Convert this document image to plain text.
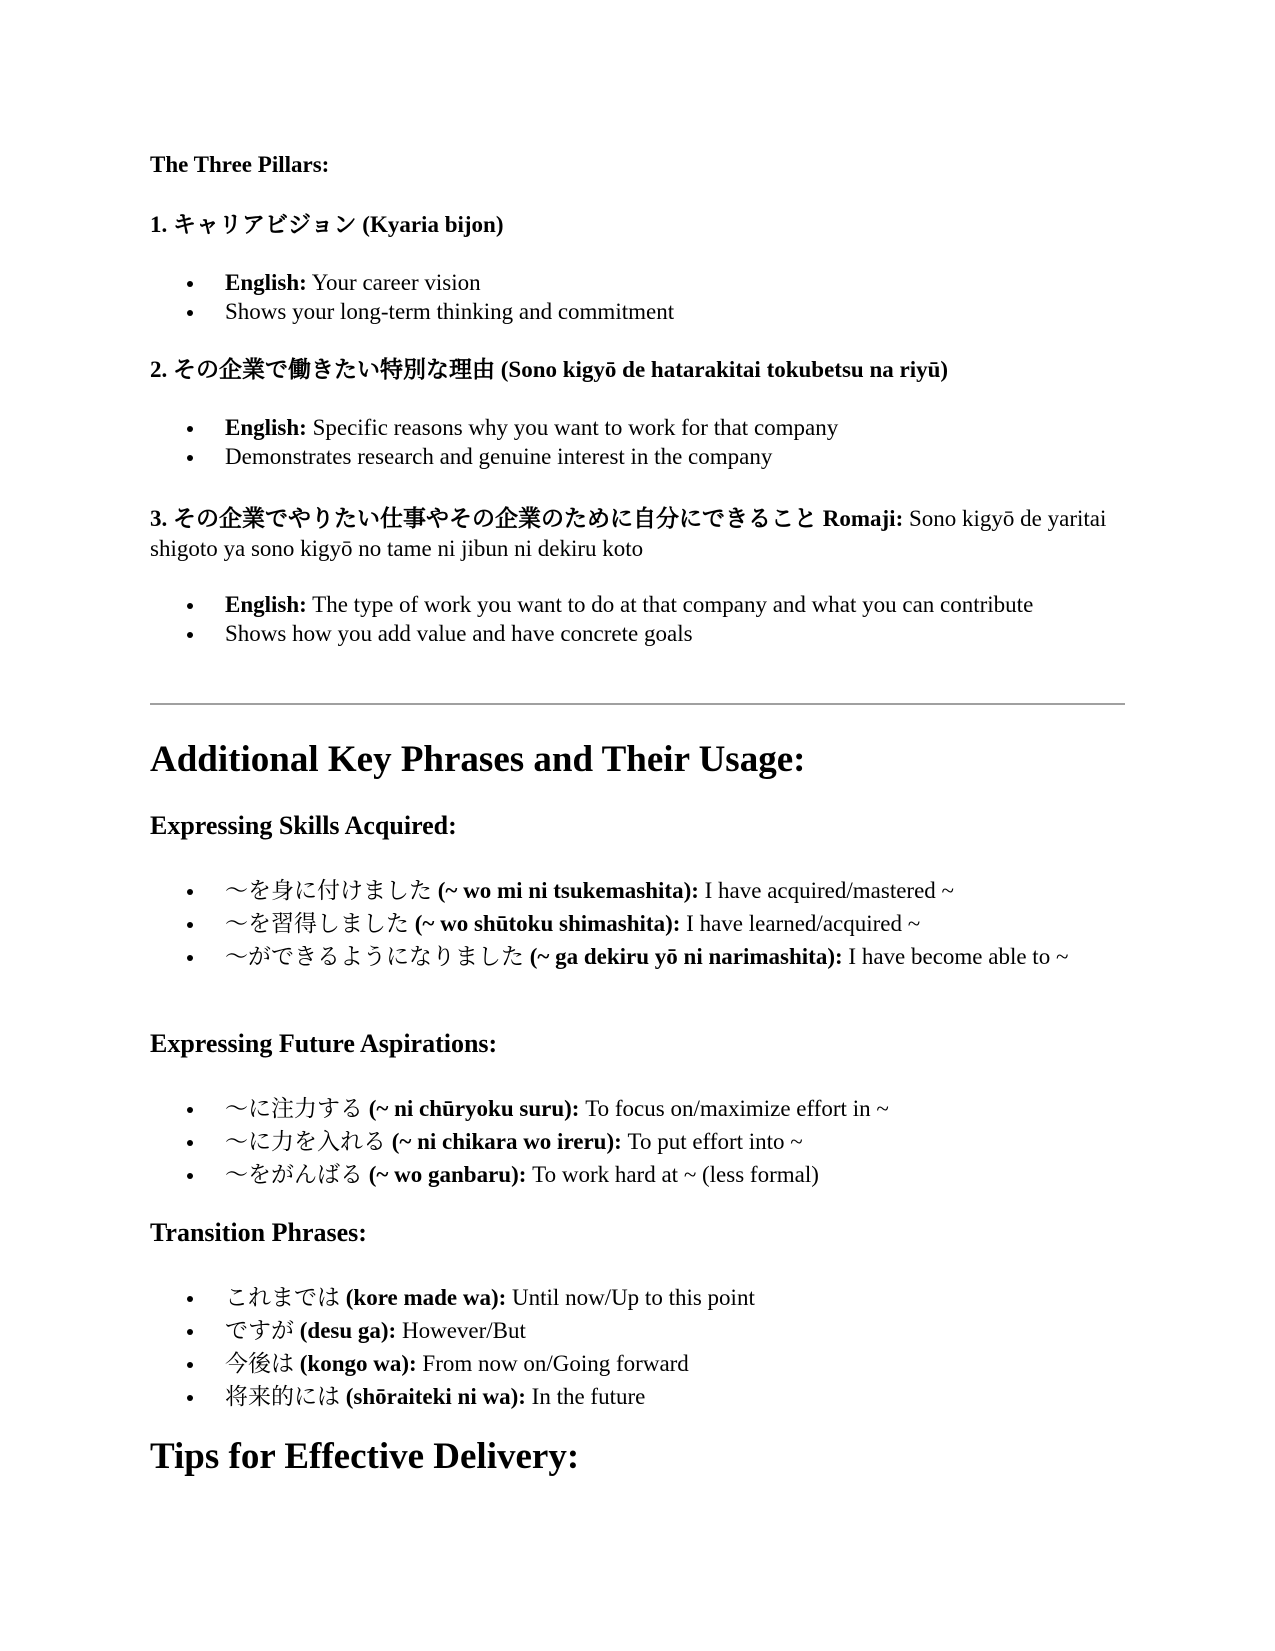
The Three Pillars:

1. キャリアビジョン (Kyaria bijon)

English: Your career vision
Shows your long-term thinking and commitment

2. その企業で働きたい特別な理由 (Sono kigyō de hatarakitai tokubetsu na riyū)

English: Specific reasons why you want to work for that company
Demonstrates research and genuine interest in the company

3. その企業でやりたい仕事やその企業のために自分にできること Romaji: Sono kigyō de yaritai shigoto ya sono kigyō no tame ni jibun ni dekiru koto

English: The type of work you want to do at that company and what you can contribute
Shows how you add value and have concrete goals
Additional Key Phrases and Their Usage:
Expressing Skills Acquired:
〜を身に付けました (~ wo mi ni tsukemashita): I have acquired/mastered ~
〜を習得しました (~ wo shūtoku shimashita): I have learned/acquired ~
〜ができるようになりました (~ ga dekiru yō ni narimashita): I have become able to ~
Expressing Future Aspirations:
〜に注力する (~ ni chūryoku suru): To focus on/maximize effort in ~
〜に力を入れる (~ ni chikara wo ireru): To put effort into ~
〜をがんばる (~ wo ganbaru): To work hard at ~ (less formal)
Transition Phrases:
これまでは (kore made wa): Until now/Up to this point
ですが (desu ga): However/But
今後は (kongo wa): From now on/Going forward
将来的には (shōraiteki ni wa): In the future
Tips for Effective Delivery:
